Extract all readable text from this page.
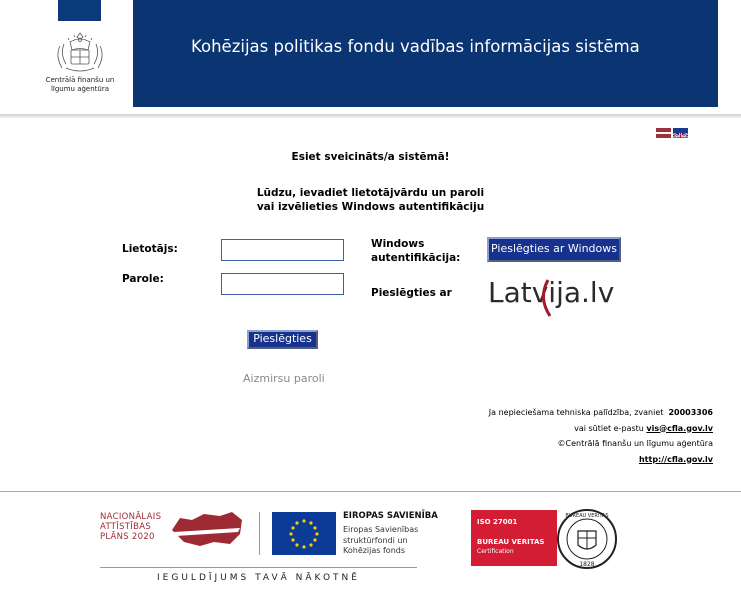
Centrālā finanšu un
līgumu aģentūra
Kohēzijas politikas fondu vadības informācijas sistēma
Esiet sveicināts/a sistēmā!
Lūdzu, ievadiet lietotājvārdu un paroli
vai izvēlieties Windows autentifikāciju
Lietotājs:
Parole:
Windows
autentifikācija:
Pieslēgties ar Windows
Pieslēgties ar Latvija.lv
Pieslēgties
Aizmirsu paroli
Ja nepieciešama tehniska palīdzība, zvaniet 20003306
vai sūtiet e-pastu vis@cfla.gov.lv
©Centrālā finanšu un līgumu aģentūra
http://cfla.gov.lv
NACIONĀLAIS
ATTĪSTĪBAS
PLĀNS 2020
EIROPAS SAVIENĪBA
Eiropas Savienības
struktūrfondi un
Kohēzijas fonds
IEGULDĪJUMS TAVĀ NĀKOTNĒ
ISO 27001
BUREAU VERITAS
Certification
BUREAU VERITAS
1828
